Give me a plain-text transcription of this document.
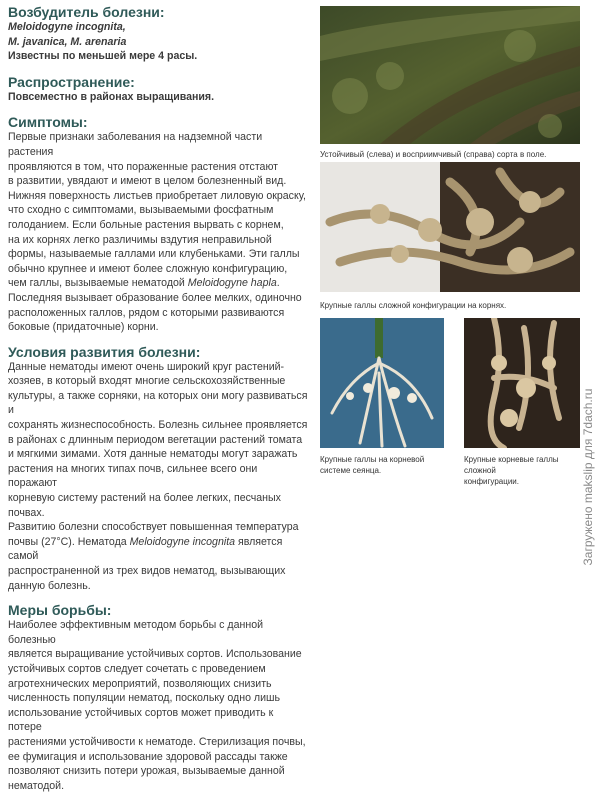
Возбудитель болезни:

Meloidogyne incognita,

M. javanica, M. arenaria

Известны по меньшей мере 4 расы.

Распространение:

Повсеместно в районах выращивания.

Симптомы:

Первые признаки заболевания на надземной части растения

проявляются в том, что пораженные растения отстают

в развитии, увядают и имеют в целом болезненный вид.

Нижняя поверхность листьев приобретает лиловую окраску,

что сходно с симптомами, вызываемыми фосфатным

голоданием. Если больные растения вырвать с корнем,

на их корнях легко различимы вздутия неправильной

формы, называемые галлами или клубеньками. Эти галлы

обычно крупнее и имеют более сложную конфигурацию,

чем галлы, вызываемые нематодой Meloidogyne hapla.

Последняя вызывает образование более мелких, одиночно

расположенных галлов, рядом с которыми развиваются

боковые (придаточные) корни.

Условия развития болезни:

Данные нематоды имеют очень широкий круг растений-

хозяев, в который входят многие сельскохозяйственные

культуры, а также сорняки, на которых они могу развиваться и

сохранять жизнеспособность. Болезнь сильнее проявляется

в районах с длинным периодом вегетации растений томата

и мягкими зимами. Хотя данные нематоды могут заражать

растения на многих типах почв, сильнее всего они поражают

корневую систему растений на более легких, песчаных почвах.

Развитию болезни способствует повышенная температура

почвы (27°C). Нематода Meloidogyne incognita является самой

распространенной из трех видов нематод, вызывающих

данную болезнь.

Меры борьбы:

Наиболее эффективным методом борьбы с данной болезнью

является выращивание устойчивых сортов. Использование

устойчивых сортов следует сочетать с проведением

агротехнических мероприятий, позволяющих снизить

численность популяции нематод, поскольку одно лишь

использование устойчивых сортов может приводить к потере

растениями устойчивости к нематоде. Стерилизация почвы,

ее фумигация и использование здоровой рассады также

позволяют снизить потери урожая, вызываемые данной

нематодой.

Устойчивый (слева) и восприимчивый (справа) сорта в поле.
Крупные галлы сложной конфигурации на корнях.
Крупные галлы на корневой
системе сеянца.
Крупные корневые галлы сложной
конфигурации.	Загружено makslip для 7dach.ru
